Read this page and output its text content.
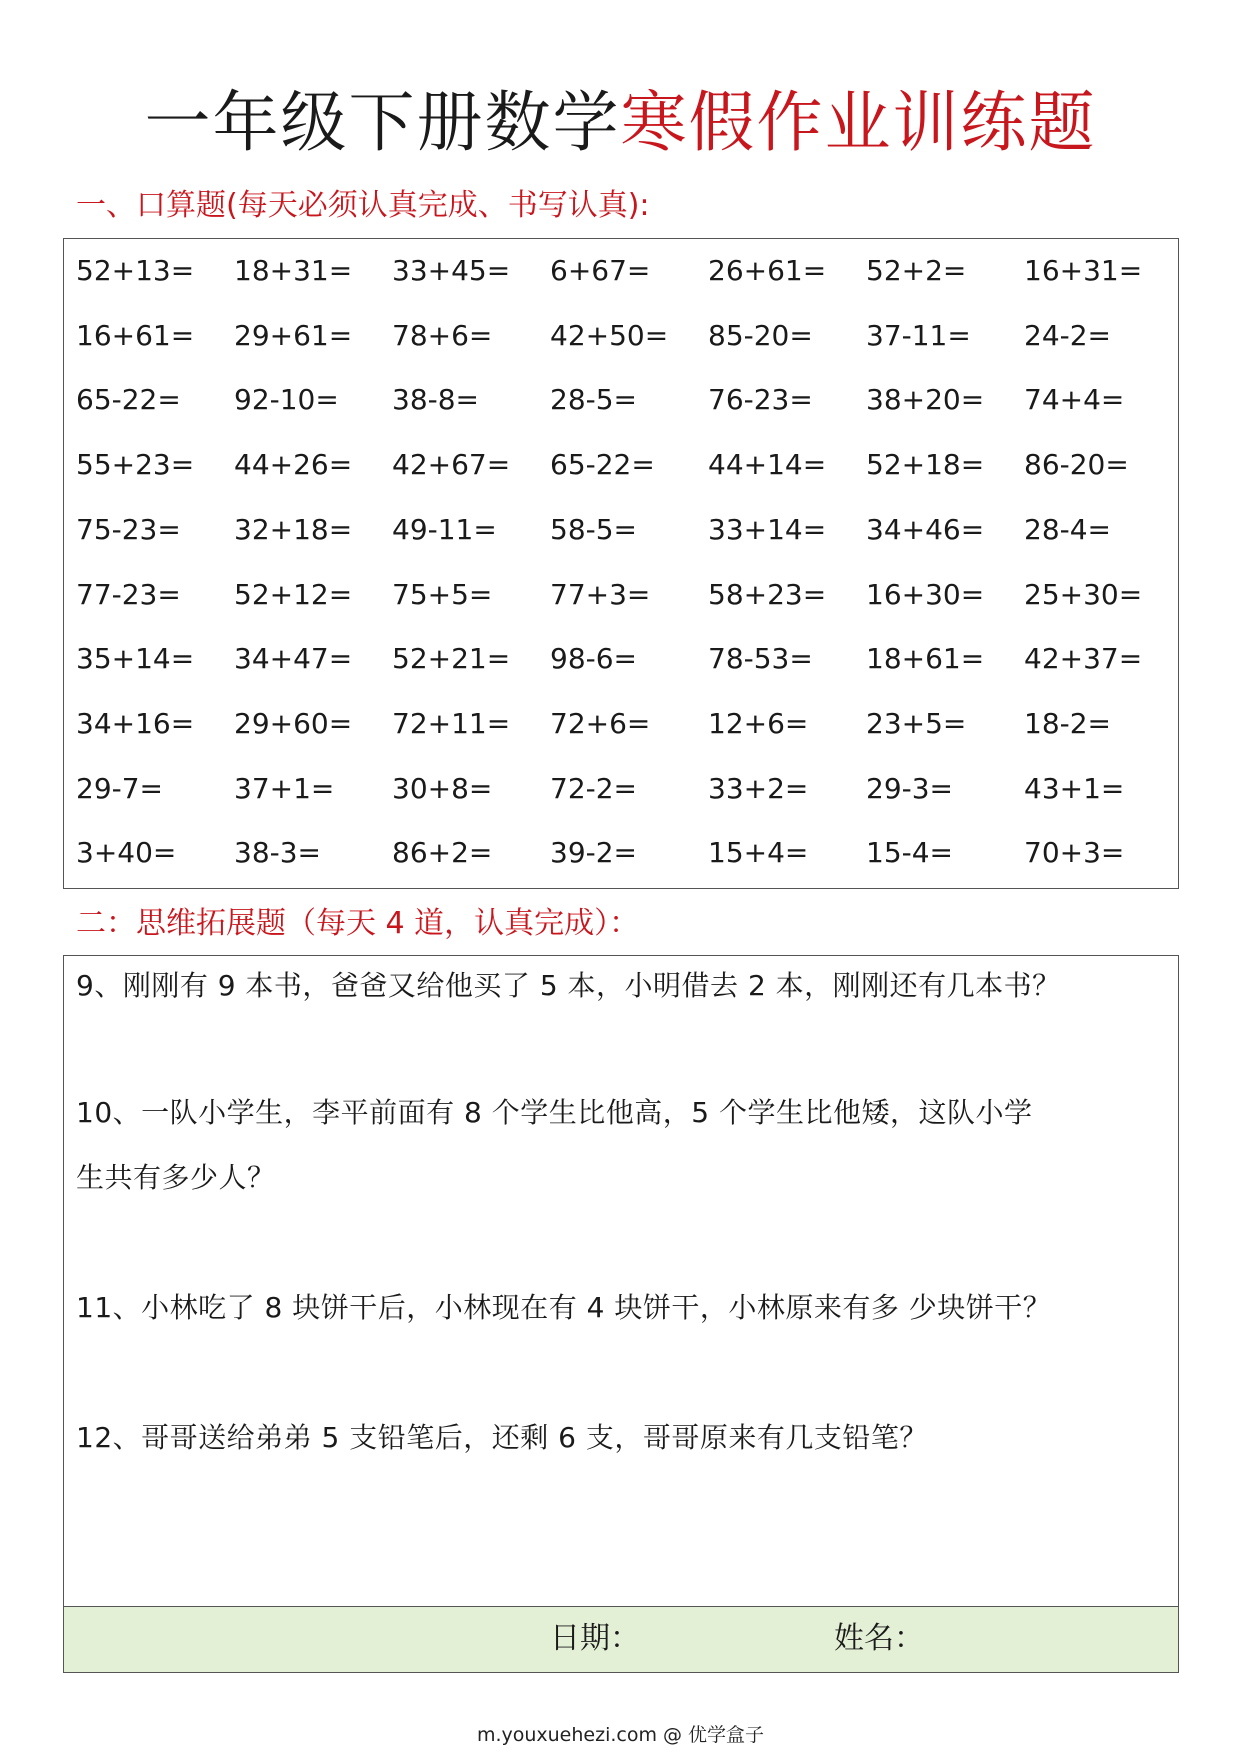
一年级下册数学寒假作业训练题
一、口算题(每天必须认真完成、书写认真):
52+13= 18+31= 33+45= 6+67= 26+61= 52+2= 16+31=
16+61= 29+61= 78+6= 42+50= 85-20= 37-11= 24-2=
65-22= 92-10= 38-8=	28-5=	76-23= 38+20= 74+4=
55+23= 44+26= 42+67= 65-22= 44+14= 52+18= 86-20=
75-23= 32+18= 49-11= 58-5=	33+14= 34+46= 28-4=
77-23= 52+12= 75+5= 77+3= 58+23= 16+30= 25+30=
35+14= 34+47= 52+21= 98-6=	78-53= 18+61= 42+37=
34+16= 29+60= 72+11= 72+6= 12+6= 23+5= 18-2=
29-7=	37+1= 30+8= 72-2=	33+2= 29-3=	43+1=
3+40= 38-3=	86+2= 39-2=	15+4= 15-4=	70+3=
二：思维拓展题（每天 4 道，认真完成）：
日期：	姓名：
9、刚刚有 9 本书，爸爸又给他买了 5 本，小明借去 2 本，刚刚还有几本书？
10、一队小学生，李平前面有 8 个学生比他高，5 个学生比他矮，这队小学
生共有多少人？
11、小林吃了 8 块饼干后，小林现在有 4 块饼干，小林原来有多 少块饼干？
12、哥哥送给弟弟 5 支铅笔后，还剩 6 支，哥哥原来有几支铅笔？
m.youxuehezi.com @ 优学盒子
